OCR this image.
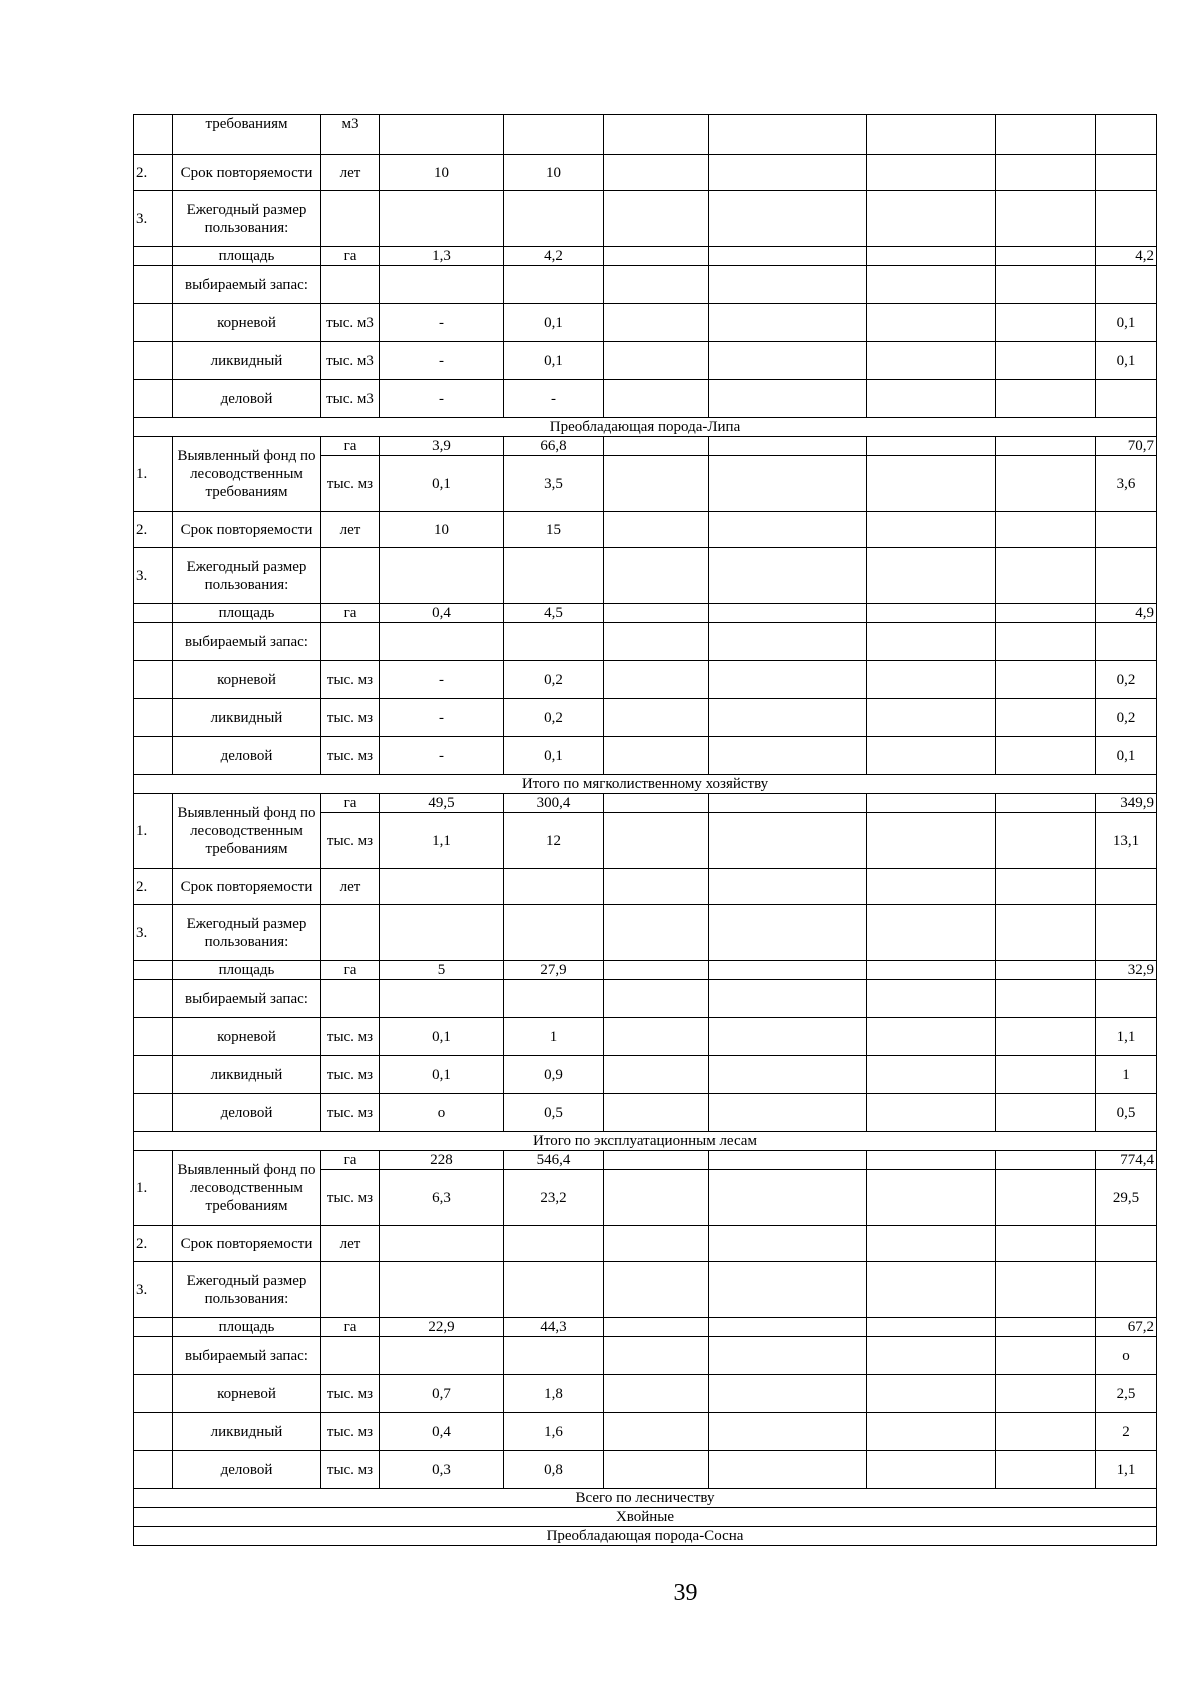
	требованиям	м3							
2.	Срок повторяемости	лет	10	10					
3.	Ежегодный размер пользования:								
	площадь	га	1,3	4,2					4,2
	выбираемый запас:								
	корневой	тыс. м3	-	0,1					0,1
	ликвидный	тыс. м3	-	0,1					0,1
	деловой	тыс. м3	-	-					
Преобладающая порода-Липа									
1.	Выявленный фонд по лесоводственным требованиям	га	3,9	66,8					70,7
		тыс. мз	0,1	3,5					3,6
2.	Срок повторяемости	лет	10	15					
3.	Ежегодный размер пользования:								
	площадь	га	0,4	4,5					4,9
	выбираемый запас:								
	корневой	тыс. мз	-	0,2					0,2
	ликвидный	тыс. мз	-	0,2					0,2
	деловой	тыс. мз	-	0,1					0,1
Итого по мягколиственному хозяйству									
1.	Выявленный фонд по лесоводственным требованиям	га	49,5	300,4					349,9
		тыс. мз	1,1	12					13,1
2.	Срок повторяемости	лет							
3.	Ежегодный размер пользования:								
	площадь	га	5	27,9					32,9
	выбираемый запас:								
	корневой	тыс. мз	0,1	1					1,1
	ликвидный	тыс. мз	0,1	0,9					1
	деловой	тыс. мз	о	0,5					0,5
Итого по эксплуатационным лесам									
1.	Выявленный фонд по лесоводственным требованиям	га	228	546,4					774,4
		тыс. мз	6,3	23,2					29,5
2.	Срок повторяемости	лет							
3.	Ежегодный размер пользования:								
	площадь	га	22,9	44,3					67,2
	выбираемый запас:								о
	корневой	тыс. мз	0,7	1,8					2,5
	ликвидный	тыс. мз	0,4	1,6					2
	деловой	тыс. мз	0,3	0,8					1,1
Всего по лесничеству									
Хвойные									
Преобладающая порода-Сосна									
39
